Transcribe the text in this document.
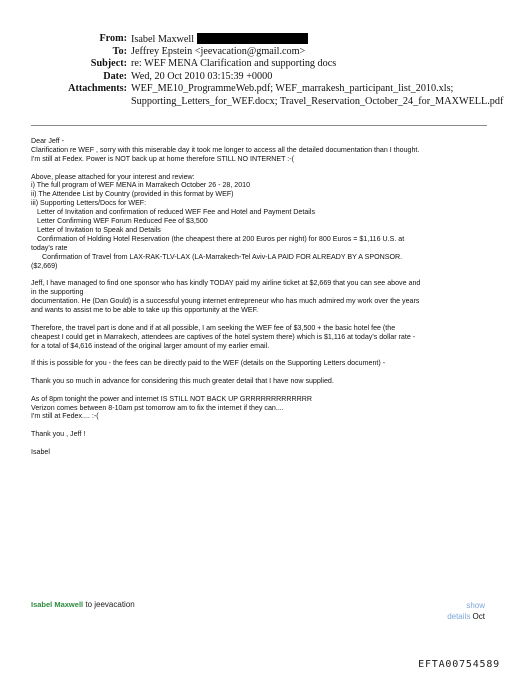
From: Isabel Maxwell
To: Jeffrey Epstein <jeevacation@gmail.com>
Subject: re: WEF MENA Clarification and supporting docs
Date: Wed, 20 Oct 2010 03:15:39 +0000
Attachments: WEF_ME10_ProgrammeWeb.pdf; WEF_marrakesh_participant_list_2010.xls;
Supporting_Letters_for_WEF.docx; Travel_Reservation_October_24_for_MAXWELL.pdf

Dear Jeff -

Clarification re WEF , sorry with this miserable day it took me longer to access all the detailed documentation than I thought.

I'm still at Fedex. Power is NOT back up at home therefore STILL NO INTERNET :-(

Above, please attached for your interest and review:

i) The full program of WEF MENA in Marrakech October 26 - 28, 2010

ii) The Attendee List by Country (provided in this format by WEF)

iii) Supporting Letters/Docs for WEF:

Letter of Invitation and confirmation of reduced WEF Fee and Hotel and Payment Details

Letter Confirming WEF Forum Reduced Fee of $3,500

Letter of Invitation to Speak and Details

Confirmation of Holding Hotel Reservation (the cheapest there at 200 Euros per night) for 800 Euros = $1,116 U.S. at

today's rate

Confirmation of Travel from LAX-RAK-TLV-LAX (LA-Marrakech-Tel Aviv-LA PAID FOR ALREADY BY A SPONSOR.

($2,669)

Jeff, I have managed to find one sponsor who has kindly TODAY paid my airline ticket at $2,669 that you can see above and

in the supporting

documentation. He (Dan Gould) is a successful young internet entrepreneur who has much admired my work over the years

and wants to assist me to be able to take up this opportunity at the WEF.

Therefore, the travel part is done and if at all possible, I am seeking the WEF fee of $3,500 + the basic hotel fee (the

cheapest I could get in Marrakech, attendees are captives of the hotel system there) which is $1,116 at today's dollar rate -

for a total of $4,616 instead of the original larger amount of my earlier email.

If this is possible for you - the fees can be directly paid to the WEF (details on the Supporting Letters document) -

Thank you so much in advance for considering this much greater detail that I have now supplied.

As of 8pm tonight the power and internet IS STILL NOT BACK UP GRRRRRRRRRRRRR

Verizon comes between 8-10am pst tomorrow am to fix the internet if they can....

I'm still at Fedex.... :-(

Thank you , Jeff !

Isabel

Isabel Maxwell to jeevacation	show
details Oct
EFTA00754589
